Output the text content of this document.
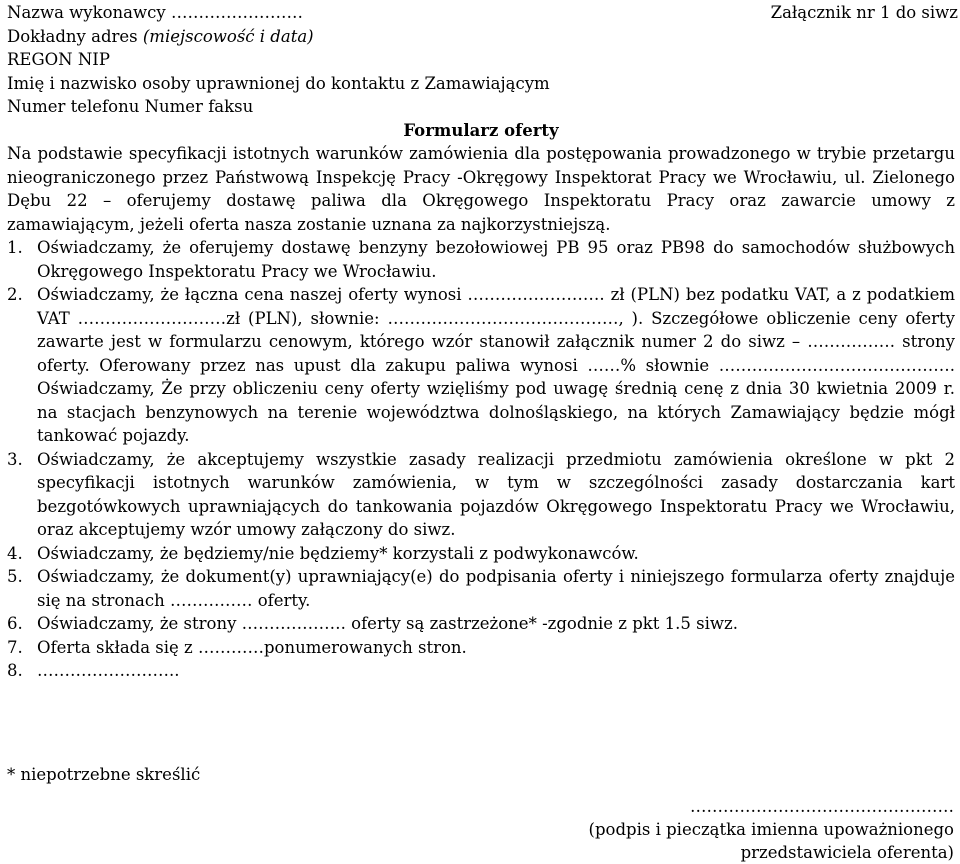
Załącznik nr 1 do siwz
Nazwa wykonawcy ……………………
Dokładny adres (miejscowość i data)
REGON NIP
Imię i nazwisko osoby uprawnionej do kontaktu z Zamawiającym
Numer telefonu Numer faksu
Formularz oferty
Na podstawie specyfikacji istotnych warunków zamówienia dla postępowania prowadzonego w trybie przetargu nieograniczonego przez Państwową Inspekcję Pracy -Okręgowy Inspektorat Pracy we Wrocławiu, ul. Zielonego Dębu 22 – oferujemy dostawę paliwa dla Okręgowego Inspektoratu Pracy oraz zawarcie umowy z zamawiającym, jeżeli oferta nasza zostanie uznana za najkorzystniejszą.
1. Oświadczamy, że oferujemy dostawę benzyny bezołowiowej PB 95 oraz PB98 do samochodów służbowych Okręgowego Inspektoratu Pracy we Wrocławiu.
2. Oświadczamy, że łączna cena naszej oferty wynosi ……………………. zł (PLN) bez podatku VAT, a z podatkiem VAT ………………………zł (PLN), słownie: ……………………………………, ). Szczegółowe obliczenie ceny oferty zawarte jest w formularzu cenowym, którego wzór stanowił załącznik numer 2 do siwz – ……………. strony oferty. Oferowany przez nas upust dla zakupu paliwa wynosi ……% słownie ……………………………………. Oświadczamy, Że przy obliczeniu ceny oferty wzięliśmy pod uwagę średnią cenę z dnia 30 kwietnia 2009 r. na stacjach benzynowych na terenie województwa dolnośląskiego, na których Zamawiający będzie mógł tankować pojazdy.
3. Oświadczamy, że akceptujemy wszystkie zasady realizacji przedmiotu zamówienia określone w pkt 2 specyfikacji istotnych warunków zamówienia, w tym w szczególności zasady dostarczania kart bezgotówkowych uprawniających do tankowania pojazdów Okręgowego Inspektoratu Pracy we Wrocławiu, oraz akceptujemy wzór umowy załączony do siwz.
4. Oświadczamy, że będziemy/nie będziemy* korzystali z podwykonawców.
5. Oświadczamy, że dokument(y) uprawniający(e) do podpisania oferty i niniejszego formularza oferty znajduje się na stronach …………… oferty.
6. Oświadczamy, że strony ………………. oferty są zastrzeżone* -zgodnie z pkt 1.5 siwz.
7. Oferta składa się z …………ponumerowanych stron.
8. ……………………..
* niepotrzebne skreślić
…………………………………………
(podpis i pieczątka imienna upoważnionego
przedstawiciela oferenta)
